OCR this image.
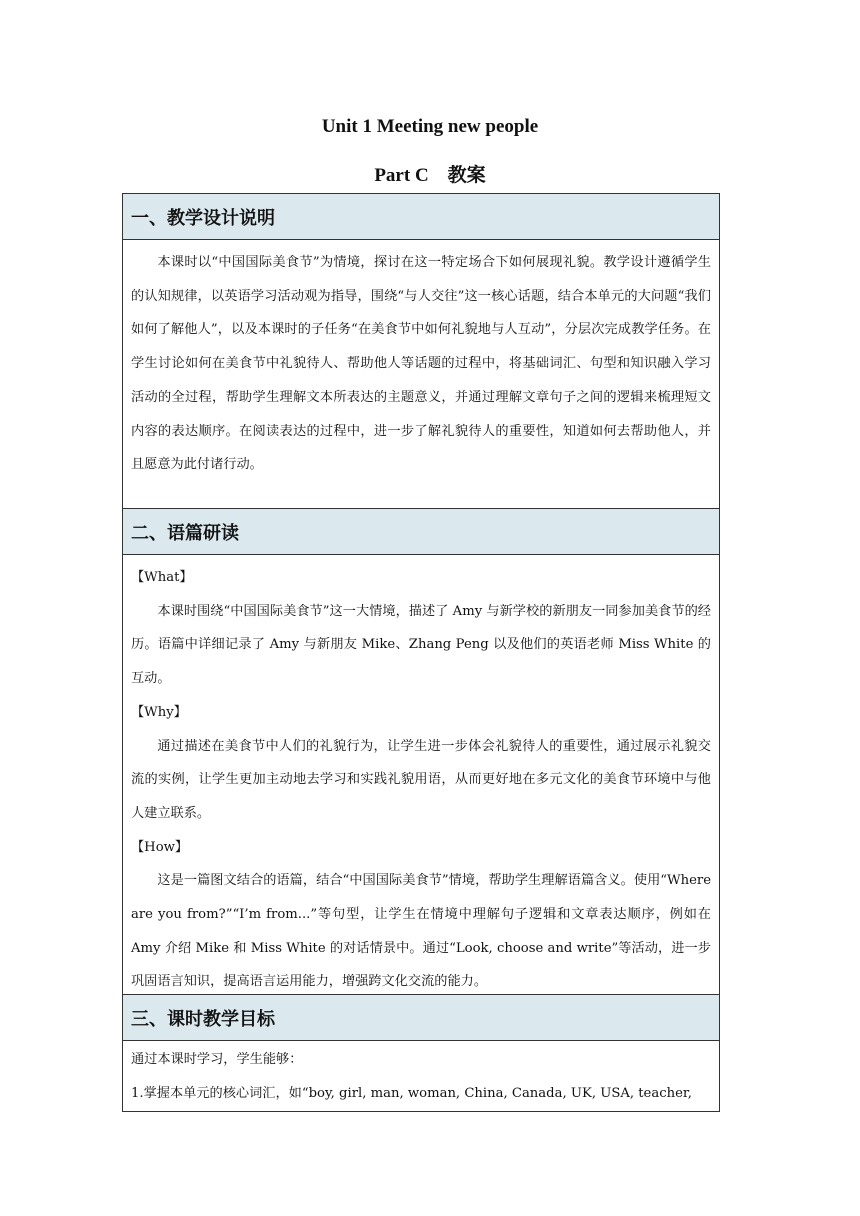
Unit 1 Meeting new people
Part C　教案
一、教学设计说明

本课时以“中国国际美食节”为情境，探讨在这一特定场合下如何展现礼貌。教学设计遵循学生的认知规律，以英语学习活动观为指导，围绕“与人交往”这一核心话题，结合本单元的大问题“我们如何了解他人”，以及本课时的子任务“在美食节中如何礼貌地与人互动”，分层次完成教学任务。在学生讨论如何在美食节中礼貌待人、帮助他人等话题的过程中，将基础词汇、句型和知识融入学习活动的全过程，帮助学生理解文本所表达的主题意义，并通过理解文章句子之间的逻辑来梳理短文内容的表达顺序。在阅读表达的过程中，进一步了解礼貌待人的重要性，知道如何去帮助他人，并且愿意为此付诸行动。

二、语篇研读

【What】

本课时围绕“中国国际美食节”这一大情境，描述了 Amy 与新学校的新朋友一同参加美食节的经历。语篇中详细记录了 Amy 与新朋友 Mike、Zhang Peng 以及他们的英语老师 Miss White 的互动。

【Why】

通过描述在美食节中人们的礼貌行为，让学生进一步体会礼貌待人的重要性，通过展示礼貌交流的实例，让学生更加主动地去学习和实践礼貌用语，从而更好地在多元文化的美食节环境中与他人建立联系。

【How】

这是一篇图文结合的语篇，结合“中国国际美食节”情境，帮助学生理解语篇含义。使用“Where are you from?”“I’m from...”等句型，让学生在情境中理解句子逻辑和文章表达顺序，例如在 Amy 介绍 Mike 和 Miss White 的对话情景中。通过“Look, choose and write”等活动，进一步巩固语言知识，提高语言运用能力，增强跨文化交流的能力。

三、课时教学目标

通过本课时学习，学生能够：

1.掌握本单元的核心词汇，如“boy, girl, man, woman, China, Canada, UK, USA, teacher,
